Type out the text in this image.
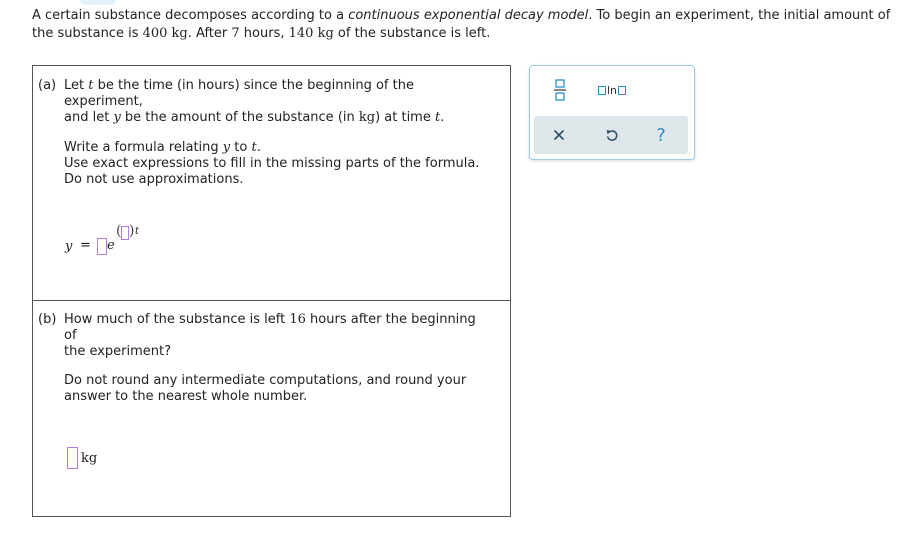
A certain substance decomposes according to a continuous exponential decay model. To begin an experiment, the initial amount of the substance is 400 kg. After 7 hours, 140 kg of the substance is left.
(a) Let t be the time (in hours) since the beginning of the experiment,
and let y be the amount of the substance (in kg) at time t.
Write a formula relating y to t.
Use exact expressions to fill in the missing parts of the formula.
Do not use approximations.
y = e
( ) t
(b) How much of the substance is left 16 hours after the beginning of
the experiment?
Do not round any intermediate computations, and round your
answer to the nearest whole number.
kg
ln
?
